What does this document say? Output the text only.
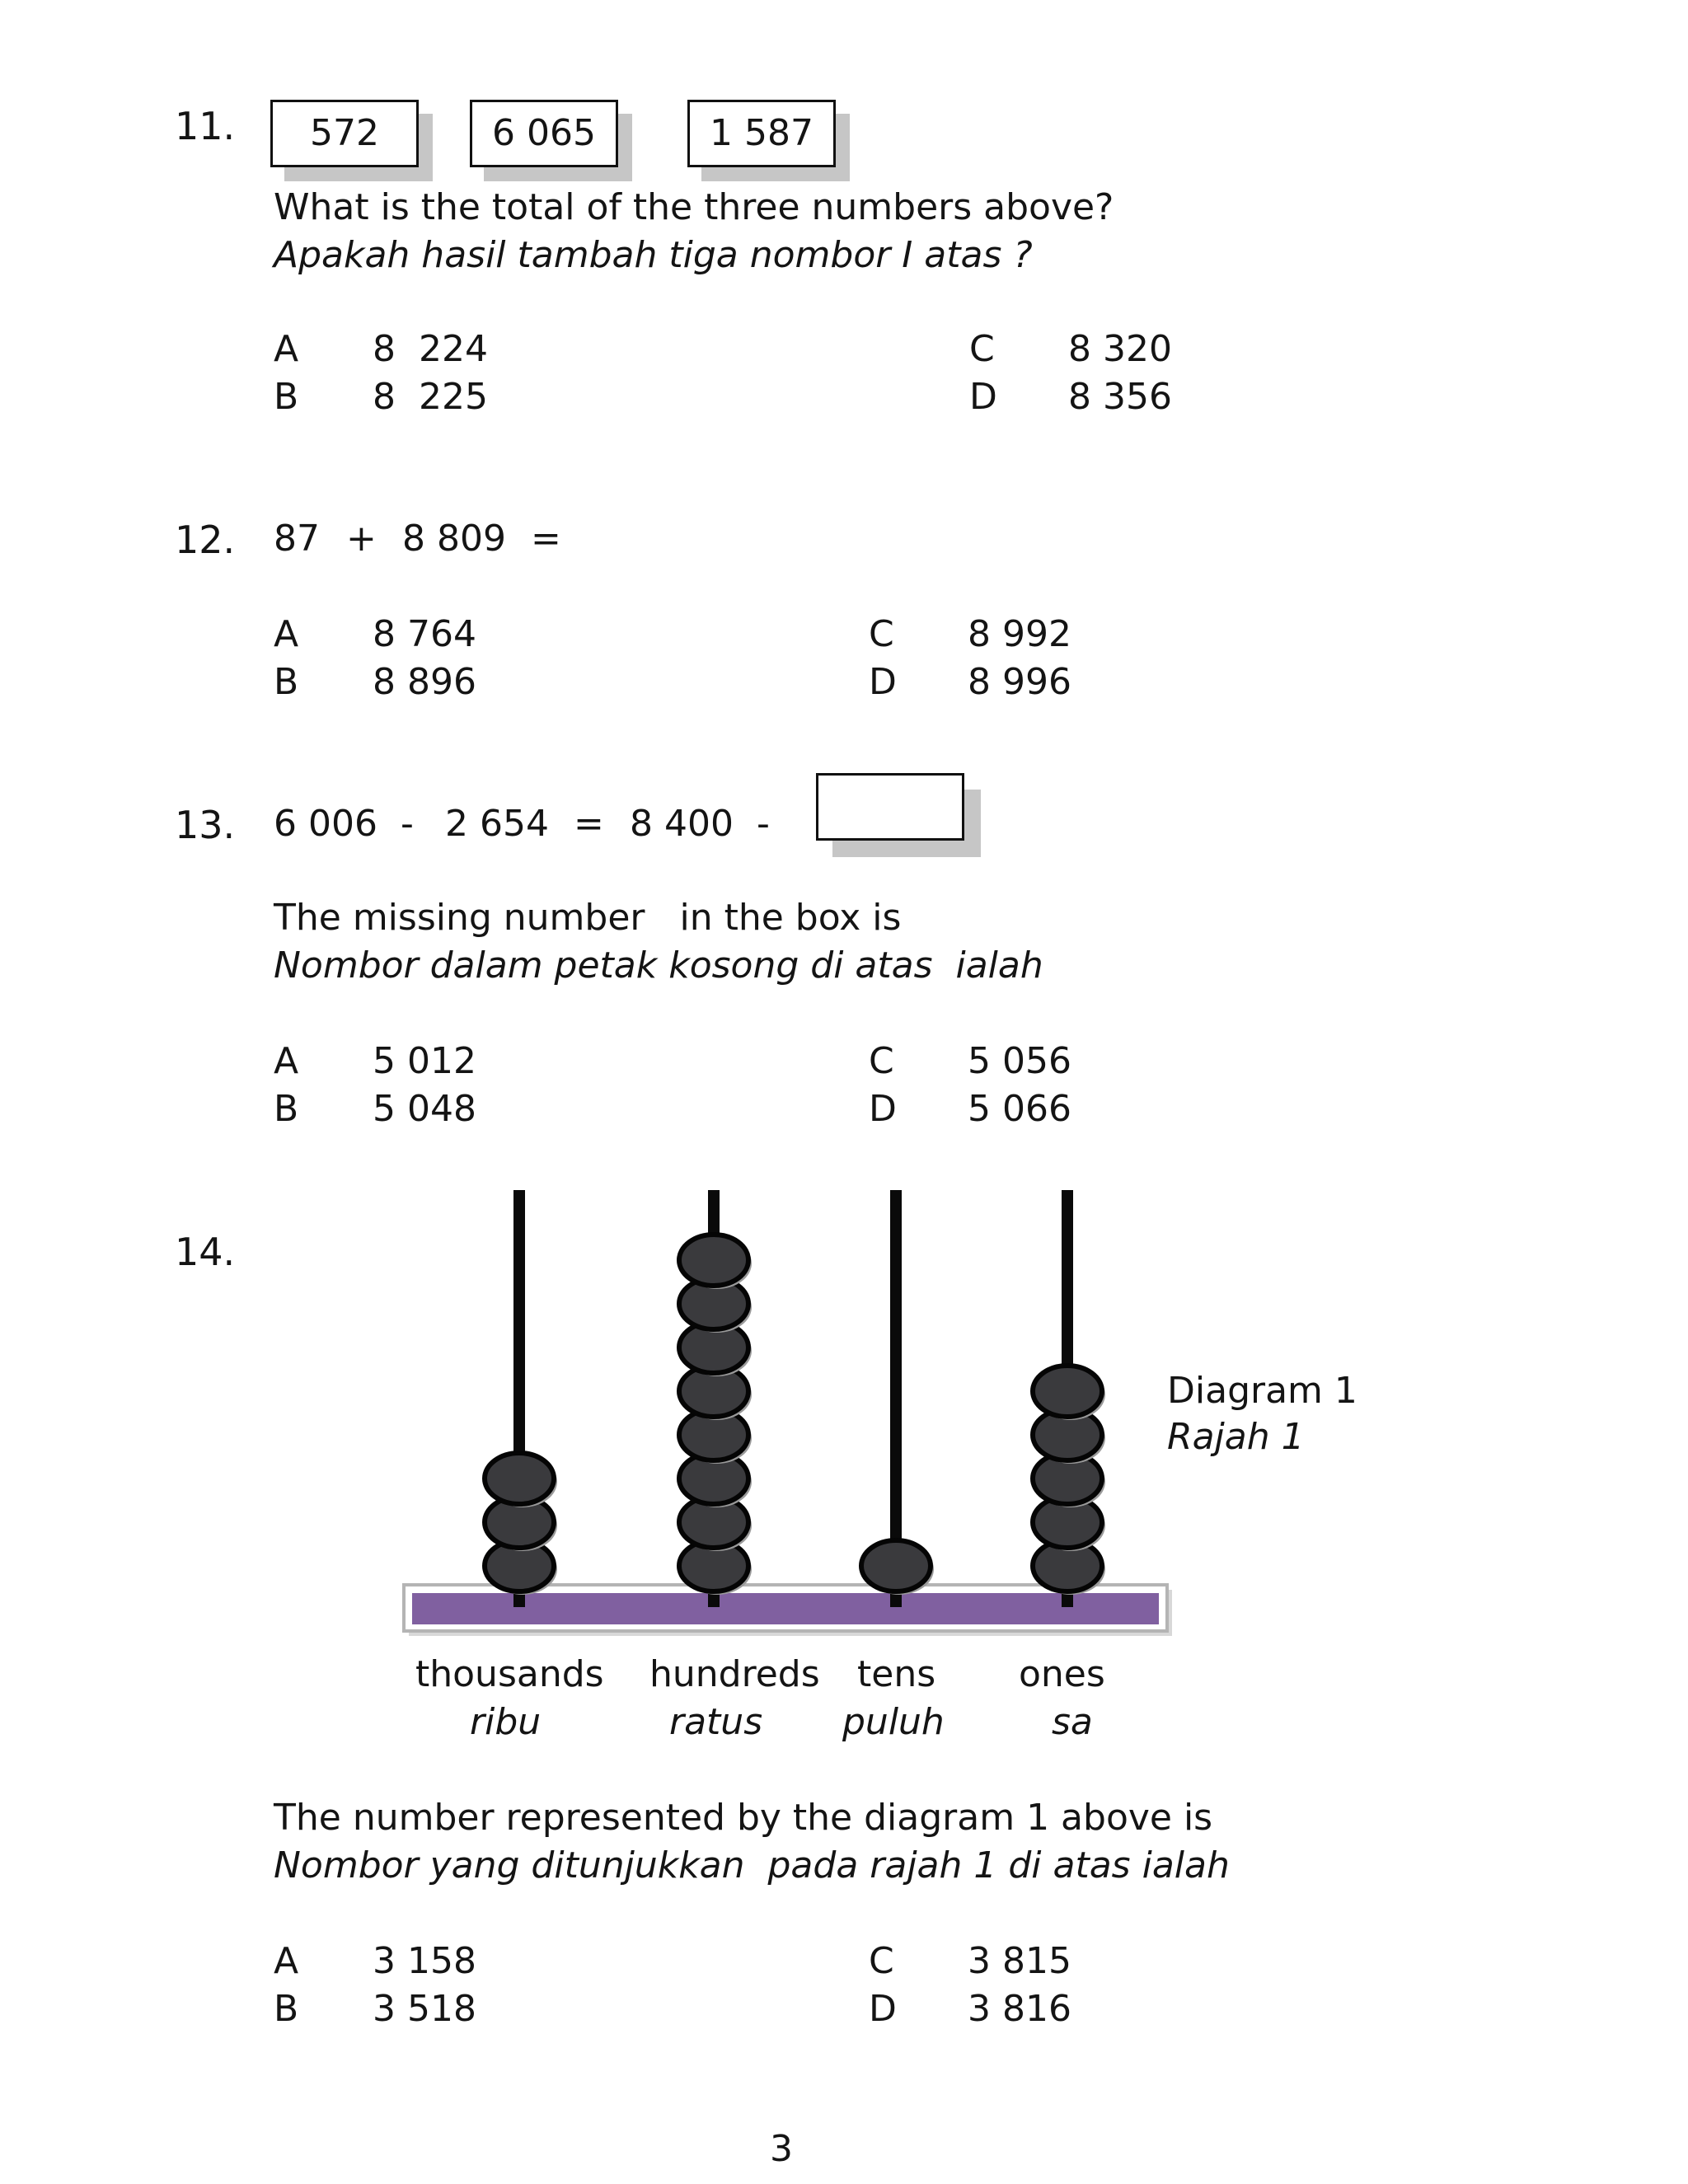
11.	572	6 065	1 587
What is the total of the three numbers above?
Apakah hasil tambah tiga nombor I atas ?
A 8  224
B 8  225
C 8 320
D 8 356
12. 87 + 8 809 =
A 8 764
B 8 896
C 8 992
D 8 996
13. 6 006 - 2 654 = 8 400 -
The missing number   in the box is
Nombor dalam petak kosong di atas  ialah
A 5 012
B 5 048
C 5 056
D 5 066
14.
Diagram 1
Rajah 1
thousands
ribu
hundreds
ratus
tens
puluh
ones
sa
The number represented by the diagram 1 above is
Nombor yang ditunjukkan  pada rajah 1 di atas ialah
A 3 158
B 3 518
C 3 815
D 3 816
3
